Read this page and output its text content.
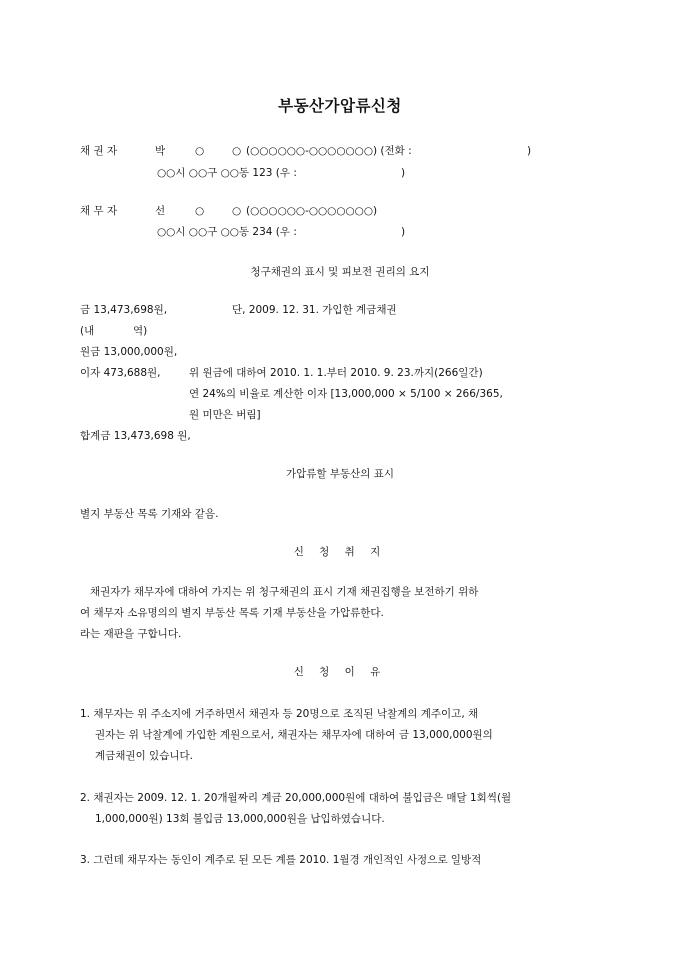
부동산가압류신청
채 권 자	박	○	○ (○○○○○○-○○○○○○○) (전화 :	)
○○시 ○○구 ○○동 123 (우 :	)
채 무 자	선	○	○ (○○○○○○-○○○○○○○)
○○시 ○○구 ○○동 234 (우 :	)
청구채권의 표시 및 피보전 권리의 요지
금 13,473,698원,	단, 2009. 12. 31. 가입한 계금채권
(내	역)
원금 13,000,000원,
이자 473,688원,	위 원금에 대하여 2010. 1. 1.부터 2010. 9. 23.까지(266일간)
연 24%의 비율로 계산한 이자 [13,000,000 × 5/100 × 266/365,
원 미만은 버림]
합계금 13,473,698 원,
가압류할 부동산의 표시
별지 부동산 목록 기재와 같음.
신 청 취 지
채권자가 채무자에 대하여 가지는 위 청구채권의 표시 기재 채권집행을 보전하기 위하
여 채무자 소유명의의 별지 부동산 목록 기재 부동산을 가압류한다.
라는 재판을 구합니다.
신 청 이 유
1. 채무자는 위 주소지에 거주하면서 채권자 등 20명으로 조직된 낙찰계의 계주이고, 채
권자는 위 낙찰계에 가입한 계원으로서, 채권자는 채무자에 대하여 금 13,000,000원의
계금채권이 있습니다.
2. 채권자는 2009. 12. 1. 20개월짜리 계금 20,000,000원에 대하여 불입금은 매달 1회씩(월
1,000,000원) 13회 불입금 13,000,000원을 납입하였습니다.
3. 그런데 채무자는 동인이 계주로 된 모든 계를 2010. 1월경 개인적인 사정으로 일방적
